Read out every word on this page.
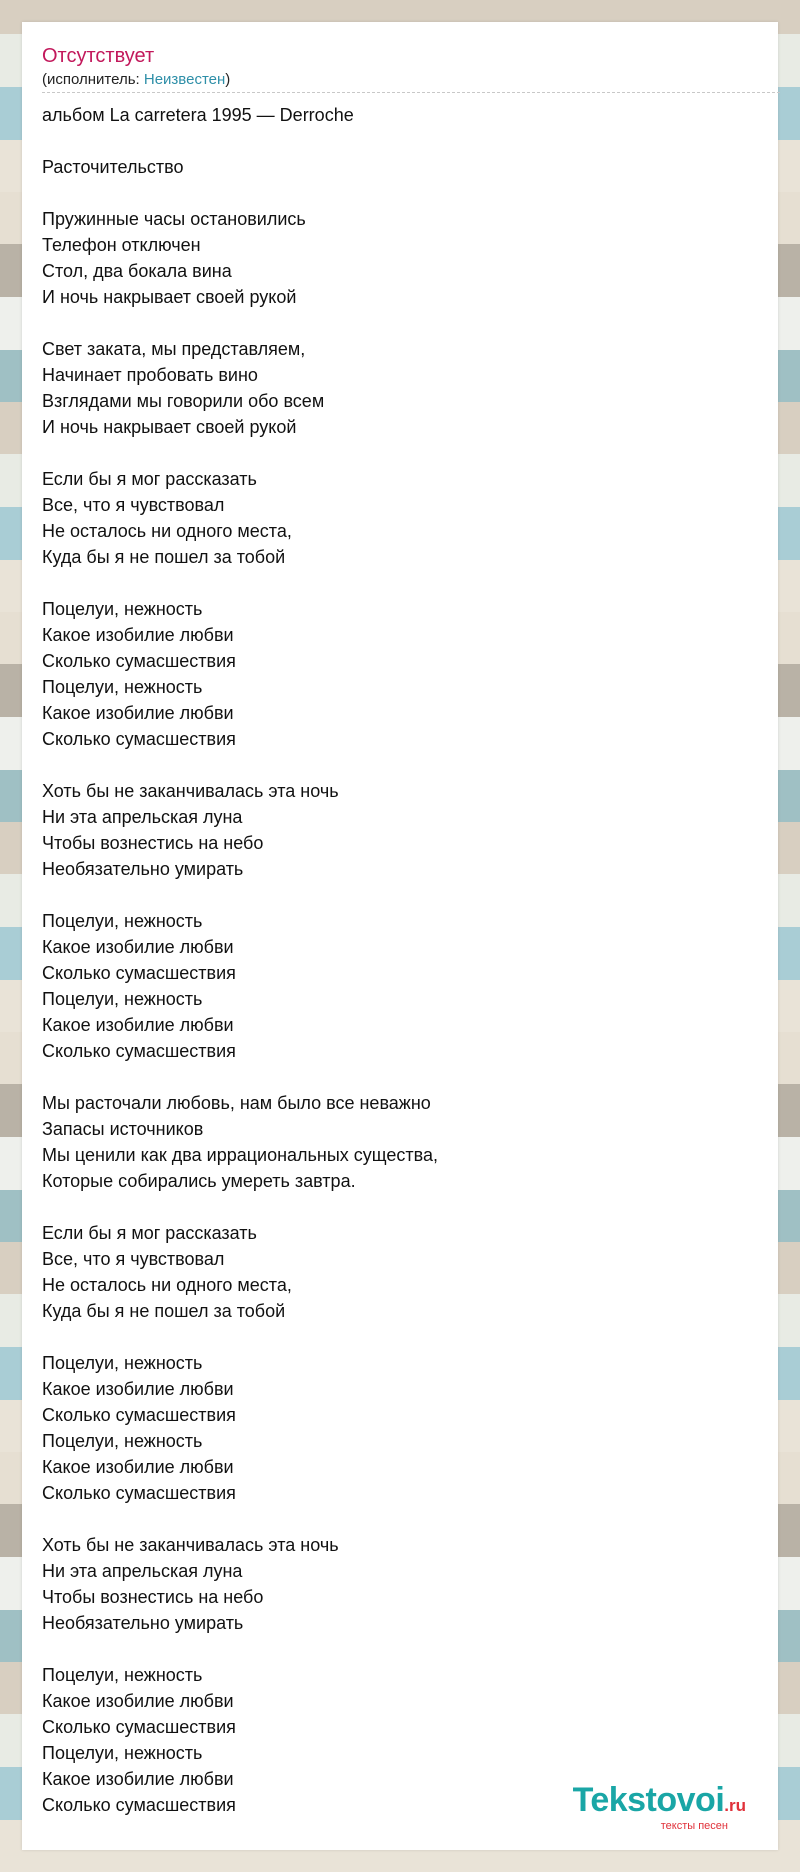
Отсутствует
(исполнитель: Неизвестен)
альбом La carretera 1995 — Derroche
Расточительство
Пружинные часы остановились
Телефон отключен
Стол, два бокала вина
И ночь накрывает своей рукой
Свет заката, мы представляем,
Начинает пробовать вино
Взглядами мы говорили обо всем
И ночь накрывает своей рукой
Если бы я мог рассказать
Все, что я чувствовал
Не осталось ни одного места,
Куда бы я не пошел за тобой
Поцелуи, нежность
Какое изобилие любви
Сколько сумасшествия
Поцелуи, нежность
Какое изобилие любви
Сколько сумасшествия
Хоть бы не заканчивалась эта ночь
Ни эта апрельская луна
Чтобы вознестись на небо
Необязательно умирать
Поцелуи, нежность
Какое изобилие любви
Сколько сумасшествия
Поцелуи, нежность
Какое изобилие любви
Сколько сумасшествия
Мы расточали любовь, нам было все неважно
Запасы источников
Мы ценили как два иррациональных существа,
Которые собирались умереть завтра.
Если бы я мог рассказать
Все, что я чувствовал
Не осталось ни одного места,
Куда бы я не пошел за тобой
Поцелуи, нежность
Какое изобилие любви
Сколько сумасшествия
Поцелуи, нежность
Какое изобилие любви
Сколько сумасшествия
Хоть бы не заканчивалась эта ночь
Ни эта апрельская луна
Чтобы вознестись на небо
Необязательно умирать
Поцелуи, нежность
Какое изобилие любви
Сколько сумасшествия
Поцелуи, нежность
Какое изобилие любви
Сколько сумасшествия	Tekstovoi.ru
тексты песен
